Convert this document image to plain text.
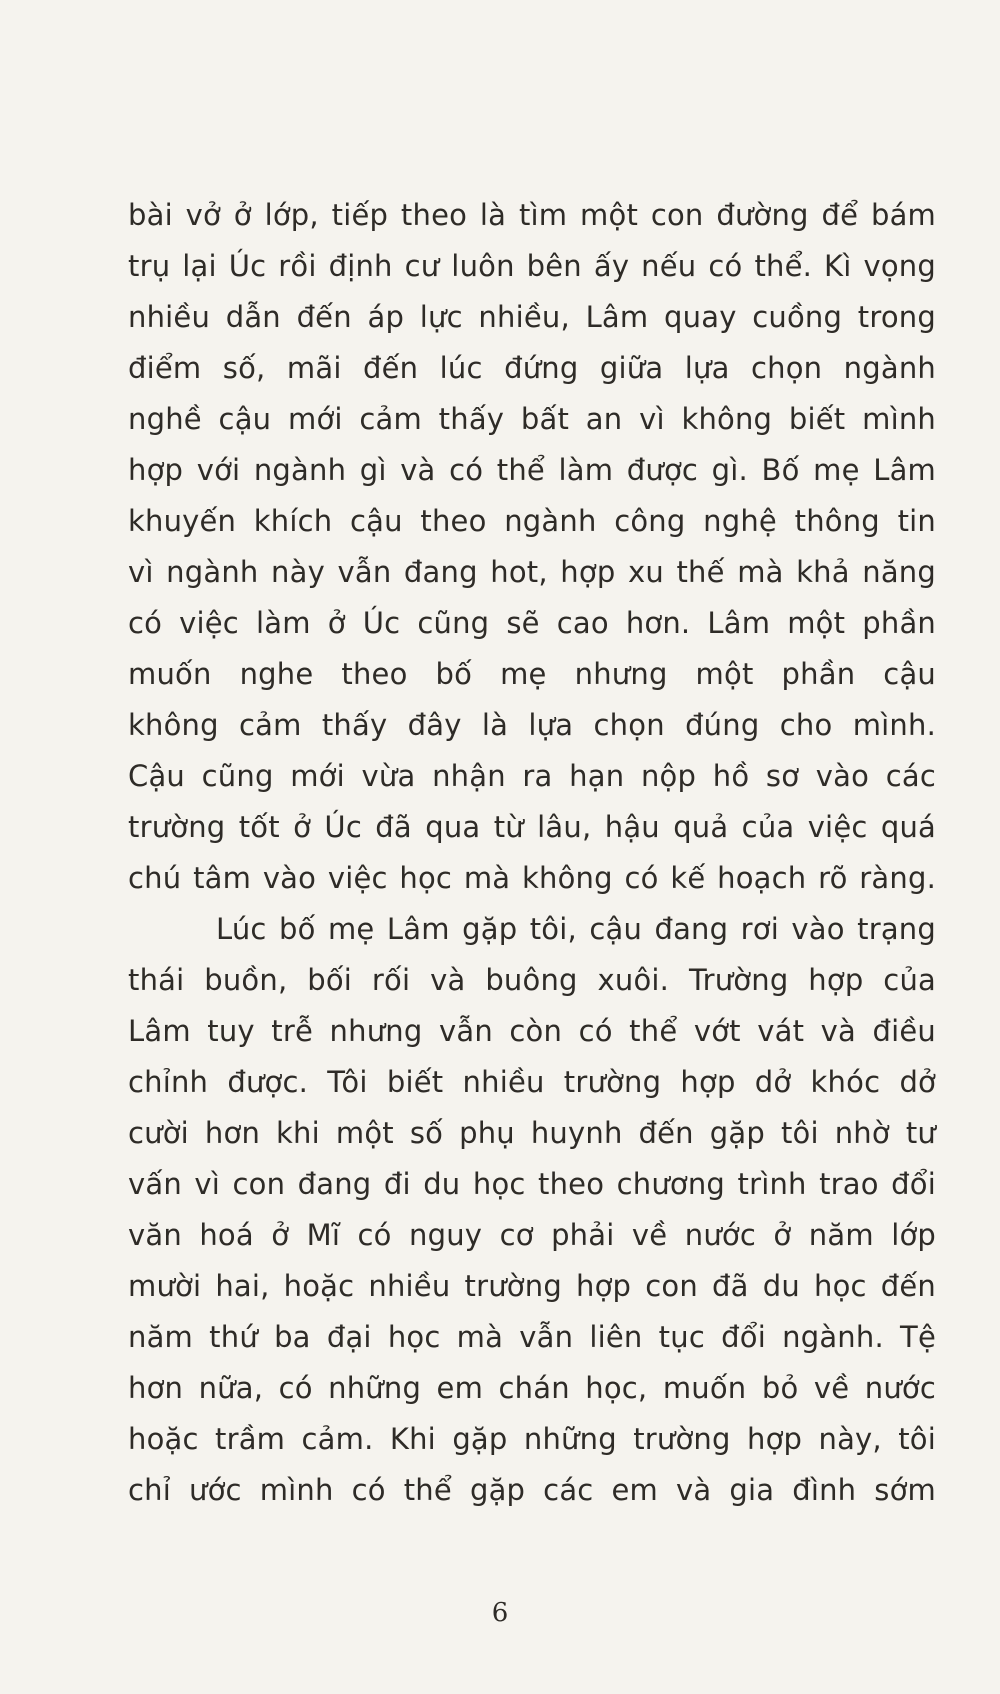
bài vở ở lớp, tiếp theo là tìm một con đường để bám
trụ lại Úc rồi định cư luôn bên ấy nếu có thể. Kì vọng
nhiều dẫn đến áp lực nhiều, Lâm quay cuồng trong
điểm số, mãi đến lúc đứng giữa lựa chọn ngành
nghề cậu mới cảm thấy bất an vì không biết mình
hợp với ngành gì và có thể làm được gì. Bố mẹ Lâm
khuyến khích cậu theo ngành công nghệ thông tin
vì ngành này vẫn đang hot, hợp xu thế mà khả năng
có việc làm ở Úc cũng sẽ cao hơn. Lâm một phần
muốn nghe theo bố mẹ nhưng một phần cậu
không cảm thấy đây là lựa chọn đúng cho mình.
Cậu cũng mới vừa nhận ra hạn nộp hồ sơ vào các
trường tốt ở Úc đã qua từ lâu, hậu quả của việc quá
chú tâm vào việc học mà không có kế hoạch rõ ràng.
Lúc bố mẹ Lâm gặp tôi, cậu đang rơi vào trạng
thái buồn, bối rối và buông xuôi. Trường hợp của
Lâm tuy trễ nhưng vẫn còn có thể vớt vát và điều
chỉnh được. Tôi biết nhiều trường hợp dở khóc dở
cười hơn khi một số phụ huynh đến gặp tôi nhờ tư
vấn vì con đang đi du học theo chương trình trao đổi
văn hoá ở Mĩ có nguy cơ phải về nước ở năm lớp
mười hai, hoặc nhiều trường hợp con đã du học đến
năm thứ ba đại học mà vẫn liên tục đổi ngành. Tệ
hơn nữa, có những em chán học, muốn bỏ về nước
hoặc trầm cảm. Khi gặp những trường hợp này, tôi
chỉ ước mình có thể gặp các em và gia đình sớm
6
